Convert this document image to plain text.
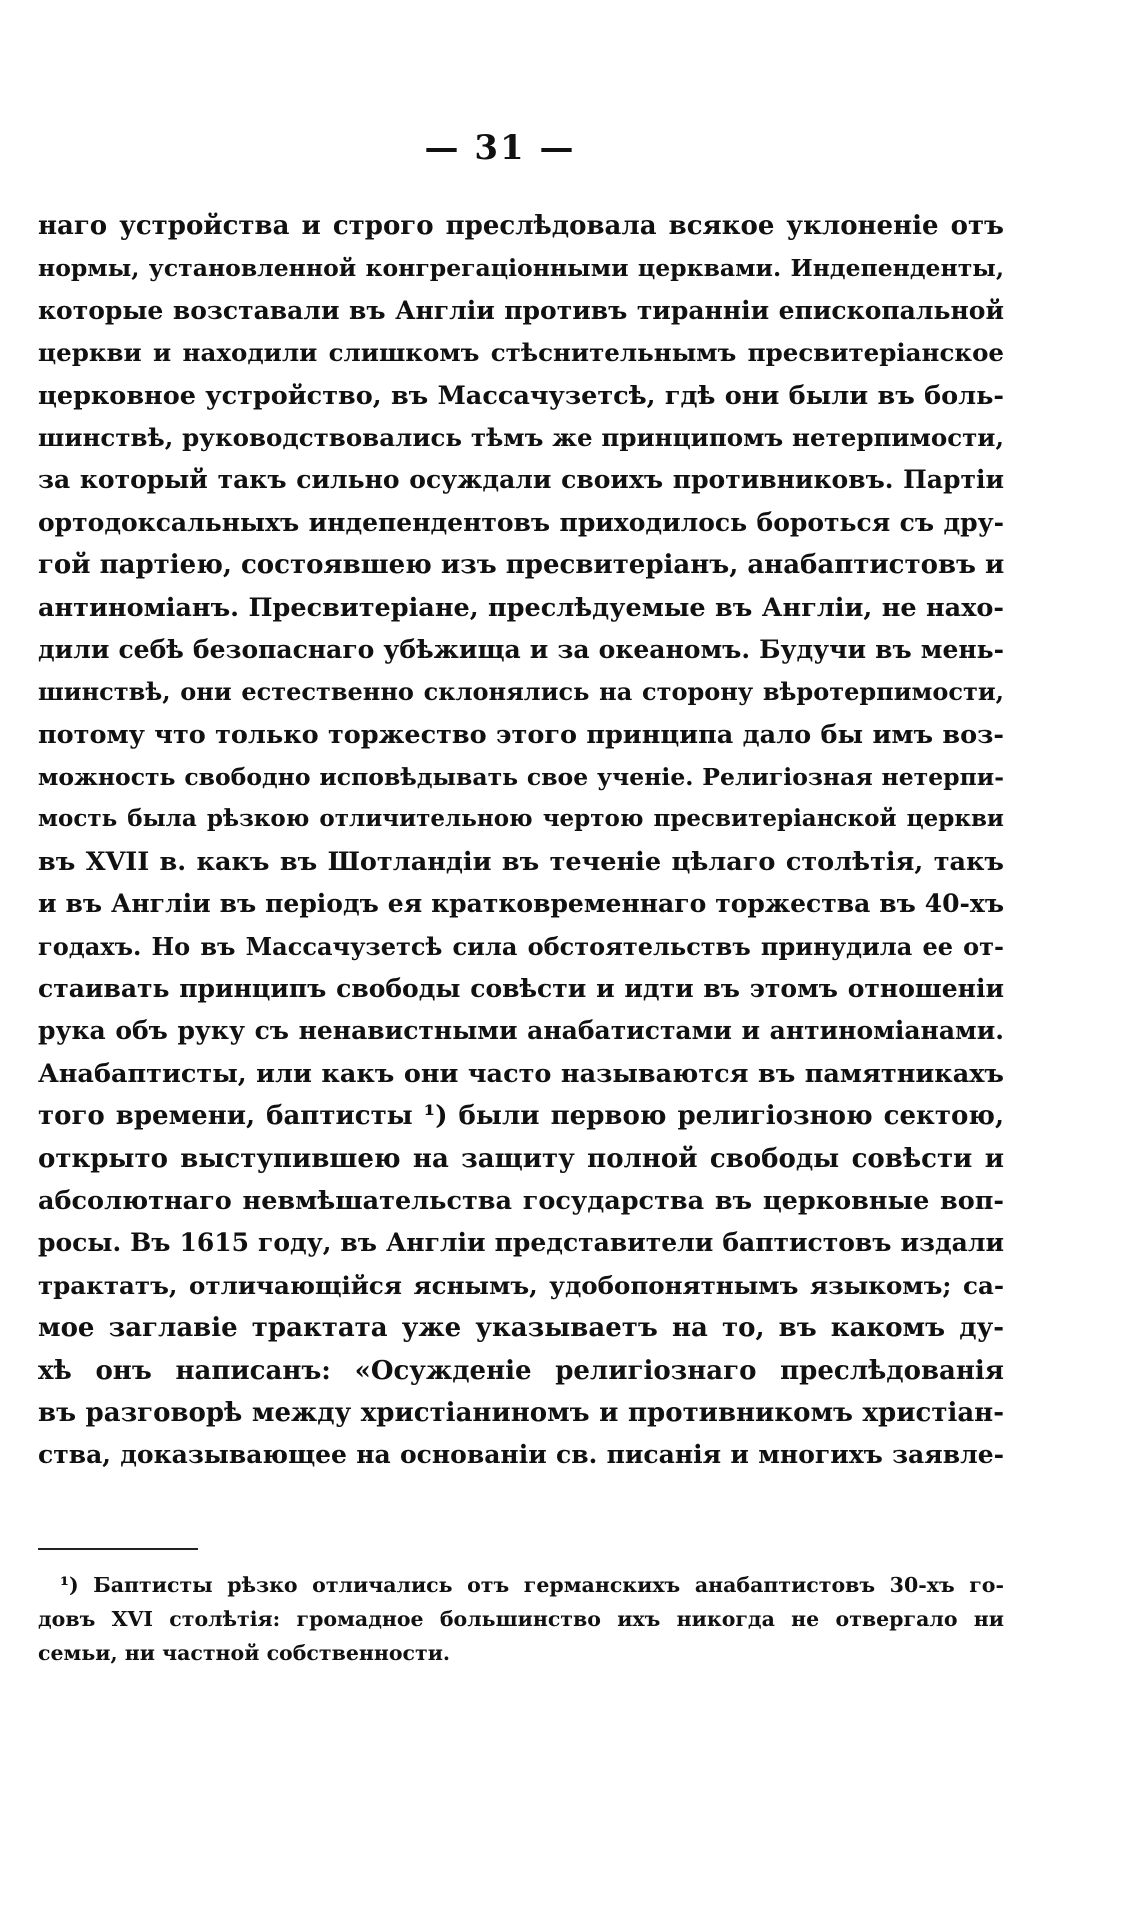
— 31 —
наго устройства и строго преслѣдовала всякое уклоненіе отъ
нормы, установленной конгрегаціонными церквами. Индепенденты,
которые возставали въ Англіи противъ тиранніи епископальной
церкви и находили слишкомъ стѣснительнымъ пресвитеріанское
церковное устройство, въ Массачузетсѣ, гдѣ они были въ боль-
шинствѣ, руководствовались тѣмъ же принципомъ нетерпимости,
за который такъ сильно осуждали своихъ противниковъ. Партіи
ортодоксальныхъ индепендентовъ приходилось бороться съ дру-
гой партіею, состоявшею изъ пресвитеріанъ, анабаптистовъ и
антиноміанъ. Пресвитеріане, преслѣдуемые въ Англіи, не нахо-
дили себѣ безопаснаго убѣжища и за океаномъ. Будучи въ мень-
шинствѣ, они естественно склонялись на сторону вѣротерпимости,
потому что только торжество этого принципа дало бы имъ воз-
можность свободно исповѣдывать свое ученіе. Религіозная нетерпи-
мость была рѣзкою отличительною чертою пресвитеріанской церкви
въ XVII в. какъ въ Шотландіи въ теченіе цѣлаго столѣтія, такъ
и въ Англіи въ періодъ ея кратковременнаго торжества въ 40-хъ
годахъ. Но въ Массачузетсѣ сила обстоятельствъ принудила ее от-
стаивать принципъ свободы совѣсти и идти въ этомъ отношеніи
рука объ руку съ ненавистными анабатистами и антиноміанами.
Анабаптисты, или какъ они часто называются въ памятникахъ
того времени, баптисты ¹) были первою религіозною сектою,
открыто выступившею на защиту полной свободы совѣсти и
абсолютнаго невмѣшательства государства въ церковные воп-
росы. Въ 1615 году, въ Англіи представители баптистовъ издали
трактатъ, отличающійся яснымъ, удобопонятнымъ языкомъ; са-
мое заглавіе трактата уже указываетъ на то, въ какомъ ду-
хѣ онъ написанъ: «Осужденіе религіознаго преслѣдованія
въ разговорѣ между христіаниномъ и противникомъ христіан-
ства, доказывающее на основаніи св. писанія и многихъ заявле-
¹) Баптисты рѣзко отличались отъ германскихъ анабаптистовъ 30-хъ го-
довъ XVI столѣтія: громадное большинство ихъ никогда не отвергало ни
семьи, ни частной собственности.
